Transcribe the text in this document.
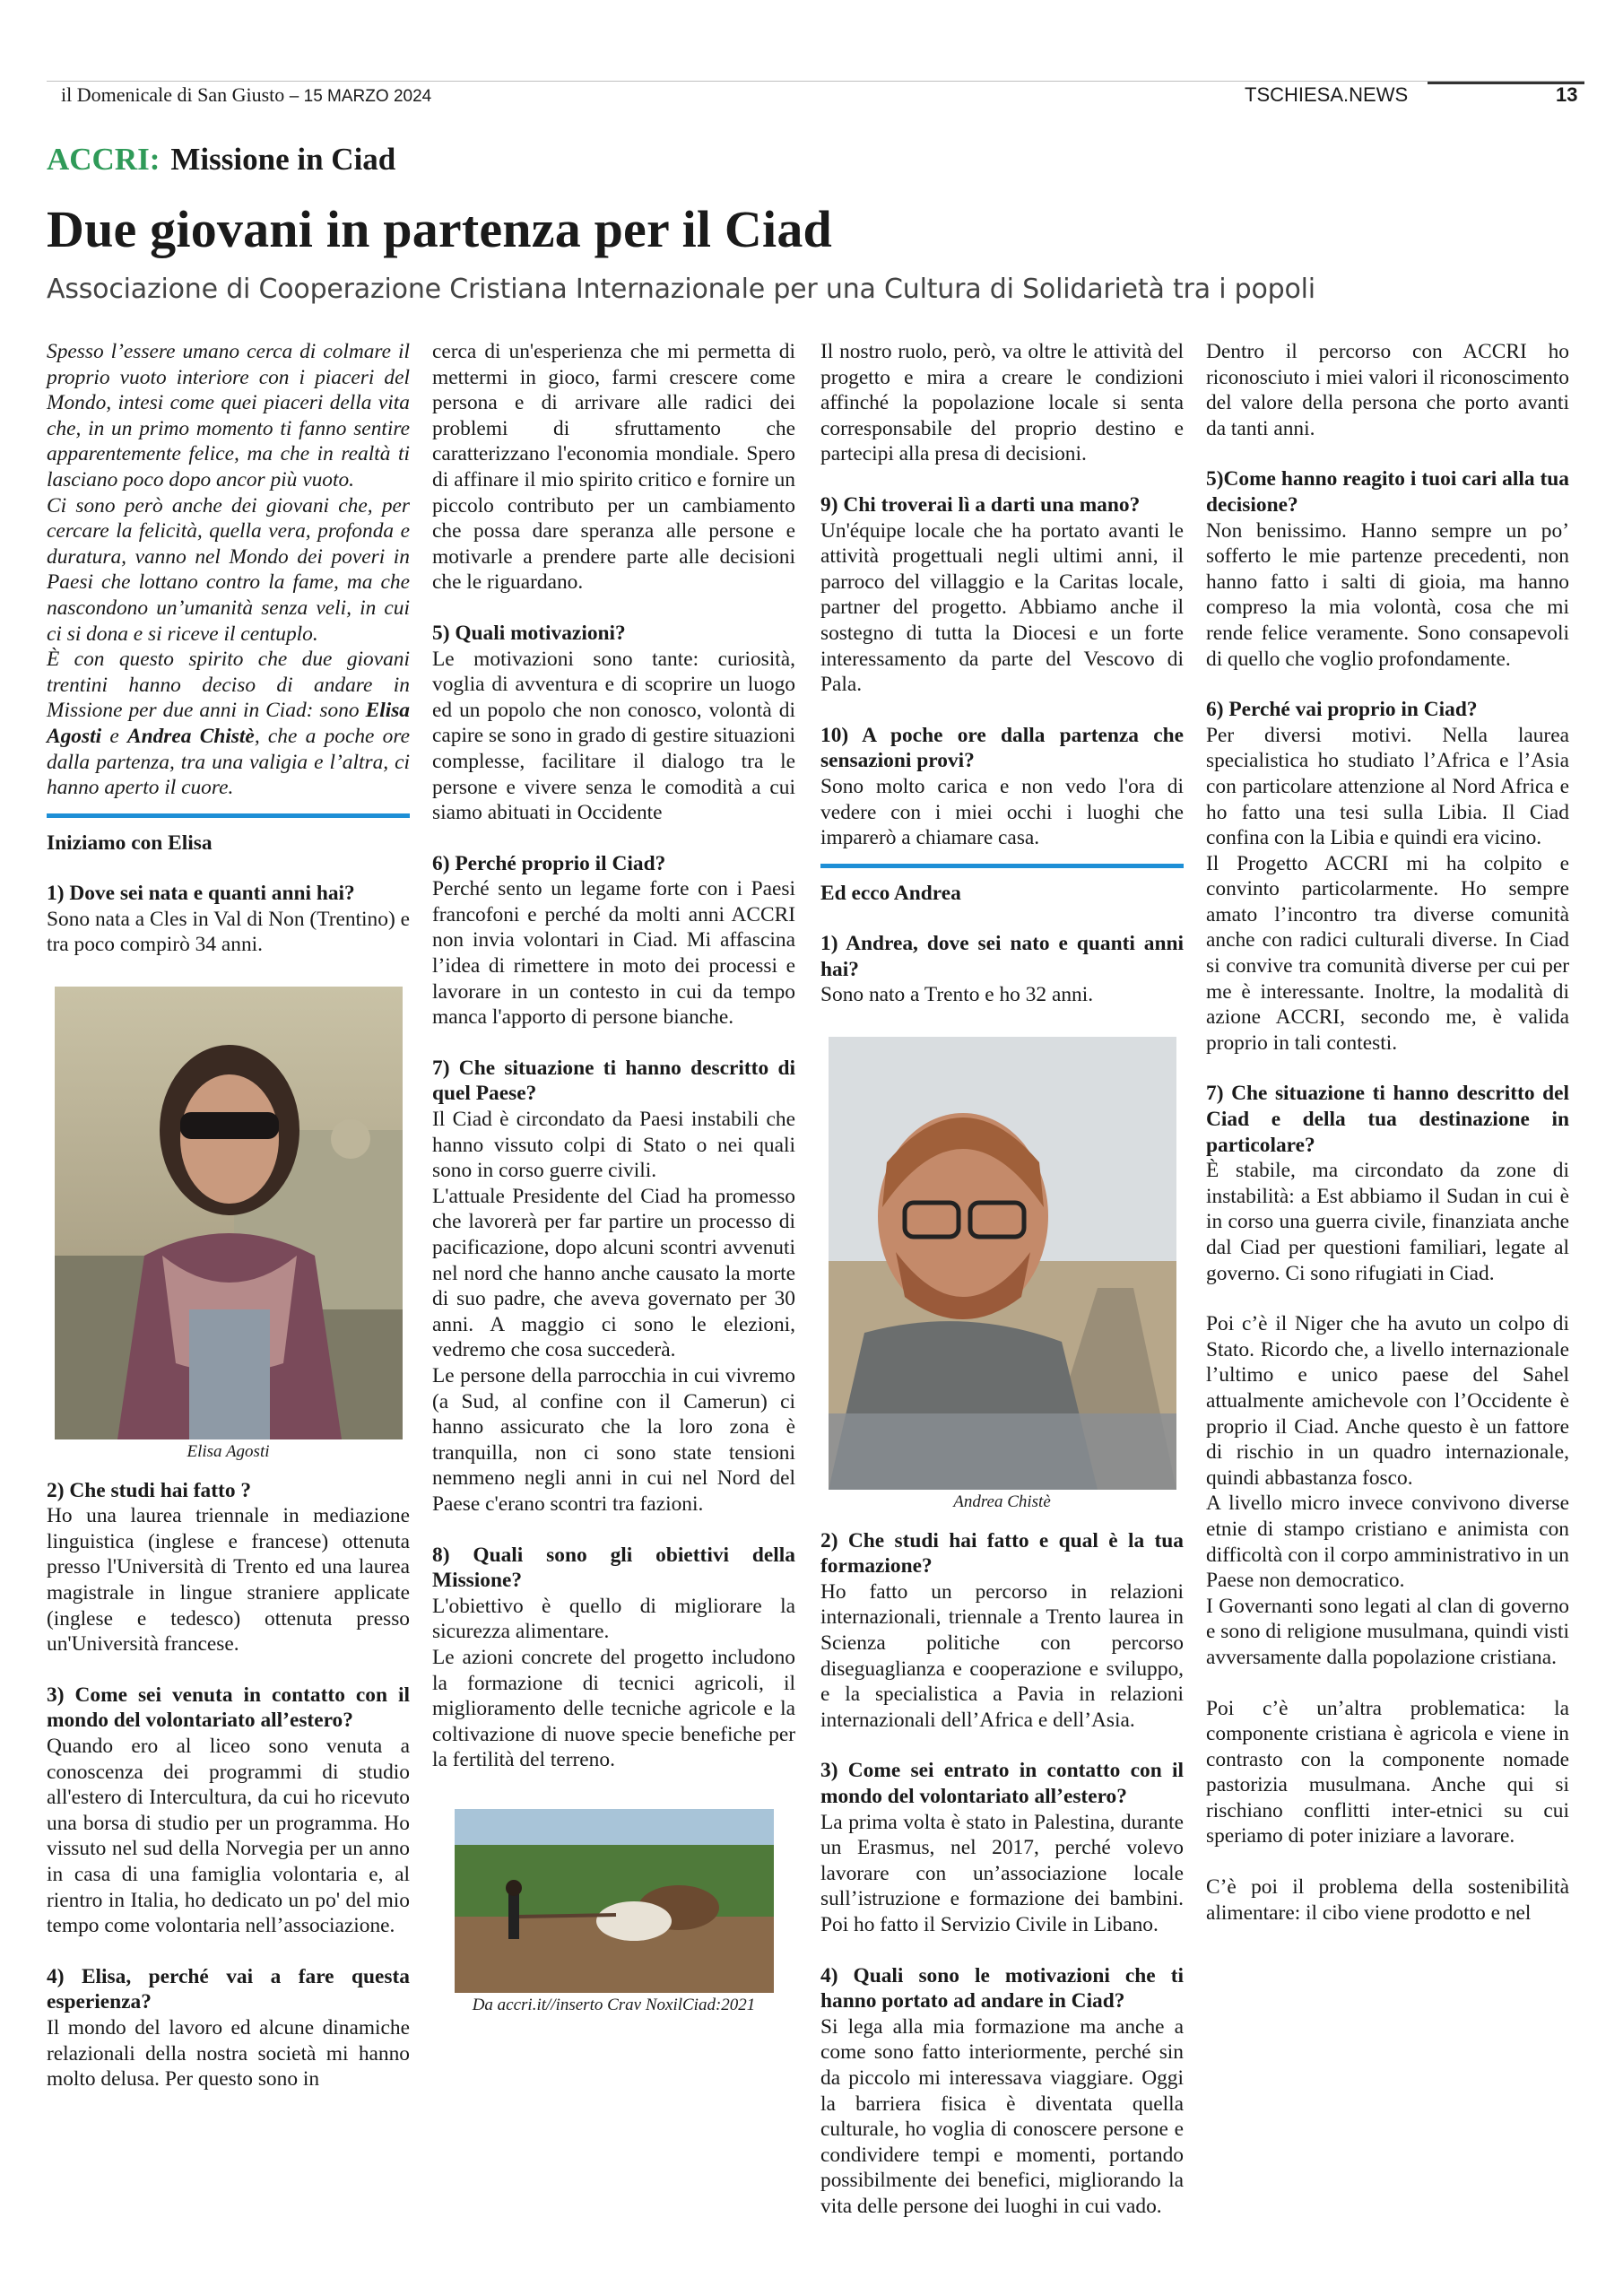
il Domenicale di San Giusto – 15 MARZO 2024	TSCHIESA.NEWS	13
ACCRI: Missione in Ciad
Due giovani in partenza per il Ciad
Associazione di Cooperazione Cristiana Internazionale per una Cultura di Solidarietà tra i popoli

Spesso l’essere umano cerca di colmare il proprio vuoto interiore con i piaceri del Mondo, intesi come quei piaceri della vita che, in un primo momento ti fanno sentire apparentemente felice, ma che in realtà ti lasciano poco dopo ancor più vuoto.

Ci sono però anche dei giovani che, per cercare la felicità, quella vera, profonda e duratura, vanno nel Mondo dei poveri in Paesi che lottano contro la fame, ma che nascondono un’umanità senza veli, in cui ci si dona e si riceve il centuplo.

È con questo spirito che due giovani trentini hanno deciso di andare in Missione per due anni in Ciad: sono Elisa Agosti e Andrea Chistè, che a poche ore dalla partenza, tra una valigia e l’altra, ci hanno aperto il cuore.

Iniziamo con Elisa

1) Dove sei nata e quanti anni hai?

Sono nata a Cles in Val di Non (Trentino) e tra poco compirò 34 anni.

Elisa Agosti

2) Che studi hai fatto ?

Ho una laurea triennale in mediazione linguistica (inglese e francese) ottenuta presso l'Università di Trento ed una laurea magistrale in lingue straniere applicate (inglese e tedesco) ottenuta presso un'Università francese.

3) Come sei venuta in contatto con il mondo del volontariato all’estero?

Quando ero al liceo sono venuta a conoscenza dei programmi di studio all'estero di Intercultura, da cui ho ricevuto una borsa di studio per un programma. Ho vissuto nel sud della Norvegia per un anno in casa di una famiglia volontaria e, al rientro in Italia, ho dedicato un po' del mio tempo come volontaria nell’associazione.

4) Elisa, perché vai a fare questa esperienza?

Il mondo del lavoro ed alcune dinamiche relazionali della nostra società mi hanno molto delusa. Per questo sono in

cerca di un'esperienza che mi permetta di mettermi in gioco, farmi crescere come persona e di arrivare alle radici dei problemi di sfruttamento che caratterizzano l'economia mondiale. Spero di affinare il mio spirito critico e fornire un piccolo contributo per un cambiamento che possa dare speranza alle persone e motivarle a prendere parte alle decisioni che le riguardano.

5) Quali motivazioni?

Le motivazioni sono tante: curiosità, voglia di avventura e di scoprire un luogo ed un popolo che non conosco, volontà di capire se sono in grado di gestire situazioni complesse, facilitare il dialogo tra le persone e vivere senza le comodità a cui siamo abituati in Occidente

6) Perché proprio il Ciad?

Perché sento un legame forte con i Paesi francofoni e perché da molti anni ACCRI non invia volontari in Ciad. Mi affascina l’idea di rimettere in moto dei processi e lavorare in un contesto in cui da tempo manca l'apporto di persone bianche.

7) Che situazione ti hanno descritto di quel Paese?

Il Ciad è circondato da Paesi instabili che hanno vissuto colpi di Stato o nei quali sono in corso guerre civili.

L'attuale Presidente del Ciad ha promesso che lavorerà per far partire un processo di pacificazione, dopo alcuni scontri avvenuti nel nord che hanno anche causato la morte di suo padre, che aveva governato per 30 anni. A maggio ci sono le elezioni, vedremo che cosa succederà.

Le persone della parrocchia in cui vivremo (a Sud, al confine con il Camerun) ci hanno assicurato che la loro zona è tranquilla, non ci sono state tensioni nemmeno negli anni in cui nel Nord del Paese c'erano scontri tra fazioni.

8) Quali sono gli obiettivi della Missione?

L'obiettivo è quello di migliorare la sicurezza alimentare.

Le azioni concrete del progetto includono la formazione di tecnici agricoli, il miglioramento delle tecniche agricole e la coltivazione di nuove specie benefiche per la fertilità del terreno.

Da accri.it//inserto Crav NoxilCiad:2021

Il nostro ruolo, però, va oltre le attività del progetto e mira a creare le condizioni affinché la popolazione locale si senta corresponsabile del proprio destino e partecipi alla presa di decisioni.

9) Chi troverai lì a darti una mano?

Un'équipe locale che ha portato avanti le attività progettuali negli ultimi anni, il parroco del villaggio e la Caritas locale, partner del progetto. Abbiamo anche il sostegno di tutta la Diocesi e un forte interessamento da parte del Vescovo di Pala.

10) A poche ore dalla partenza che sensazioni provi?

Sono molto carica e non vedo l'ora di vedere con i miei occhi i luoghi che imparerò a chiamare casa.

Ed ecco Andrea

1) Andrea, dove sei nato e quanti anni hai?

Sono nato a Trento e ho 32 anni.

Andrea Chistè

2) Che studi hai fatto e qual è la tua formazione?

Ho fatto un percorso in relazioni internazionali, triennale a Trento laurea in Scienza politiche con percorso diseguaglianza e cooperazione e sviluppo, e la specialistica a Pavia in relazioni internazionali dell’Africa e dell’Asia.

3) Come sei entrato in contatto con il mondo del volontariato all’estero?

La prima volta è stato in Palestina, durante un Erasmus, nel 2017, perché volevo lavorare con un’associazione locale sull’istruzione e formazione dei bambini. Poi ho fatto il Servizio Civile in Libano.

4) Quali sono le motivazioni che ti hanno portato ad andare in Ciad?

Si lega alla mia formazione ma anche a come sono fatto interiormente, perché sin da piccolo mi interessava viaggiare. Oggi la barriera fisica è diventata quella culturale, ho voglia di conoscere persone e condividere tempi e momenti, portando possibilmente dei benefici, migliorando la vita delle persone dei luoghi in cui vado.

Dentro il percorso con ACCRI ho riconosciuto i miei valori il riconoscimento del valore della persona che porto avanti da tanti anni.

5)Come hanno reagito i tuoi cari alla tua decisione?

Non benissimo. Hanno sempre un po’ sofferto le mie partenze precedenti, non hanno fatto i salti di gioia, ma hanno compreso la mia volontà, cosa che mi rende felice veramente. Sono consapevoli di quello che voglio profondamente.

6) Perché vai proprio in Ciad?

Per diversi motivi. Nella laurea specialistica ho studiato l’Africa e l’Asia con particolare attenzione al Nord Africa e ho fatto una tesi sulla Libia. Il Ciad confina con la Libia e quindi era vicino.

Il Progetto ACCRI mi ha colpito e convinto particolarmente. Ho sempre amato l’incontro tra diverse comunità anche con radici culturali diverse. In Ciad si convive tra comunità diverse per cui per me è interessante. Inoltre, la modalità di azione ACCRI, secondo me, è valida proprio in tali contesti.

7) Che situazione ti hanno descritto del Ciad e della tua destinazione in particolare?

È stabile, ma circondato da zone di instabilità: a Est abbiamo il Sudan in cui è in corso una guerra civile, finanziata anche dal Ciad per questioni familiari, legate al governo. Ci sono rifugiati in Ciad.

Poi c’è il Niger che ha avuto un colpo di Stato. Ricordo che, a livello internazionale l’ultimo e unico paese del Sahel attualmente amichevole con l’Occidente è proprio il Ciad. Anche questo è un fattore di rischio in un quadro internazionale, quindi abbastanza fosco.

A livello micro invece convivono diverse etnie di stampo cristiano e animista con difficoltà con il corpo amministrativo in un Paese non democratico.

I Governanti sono legati al clan di governo e sono di religione musulmana, quindi visti avversamente dalla popolazione cristiana.

Poi c’è un’altra problematica: la componente cristiana è agricola e viene in contrasto con la componente nomade pastorizia musulmana. Anche qui si rischiano conflitti inter-etnici su cui speriamo di poter iniziare a lavorare.

C’è poi il problema della sostenibilità alimentare: il cibo viene prodotto e nel
